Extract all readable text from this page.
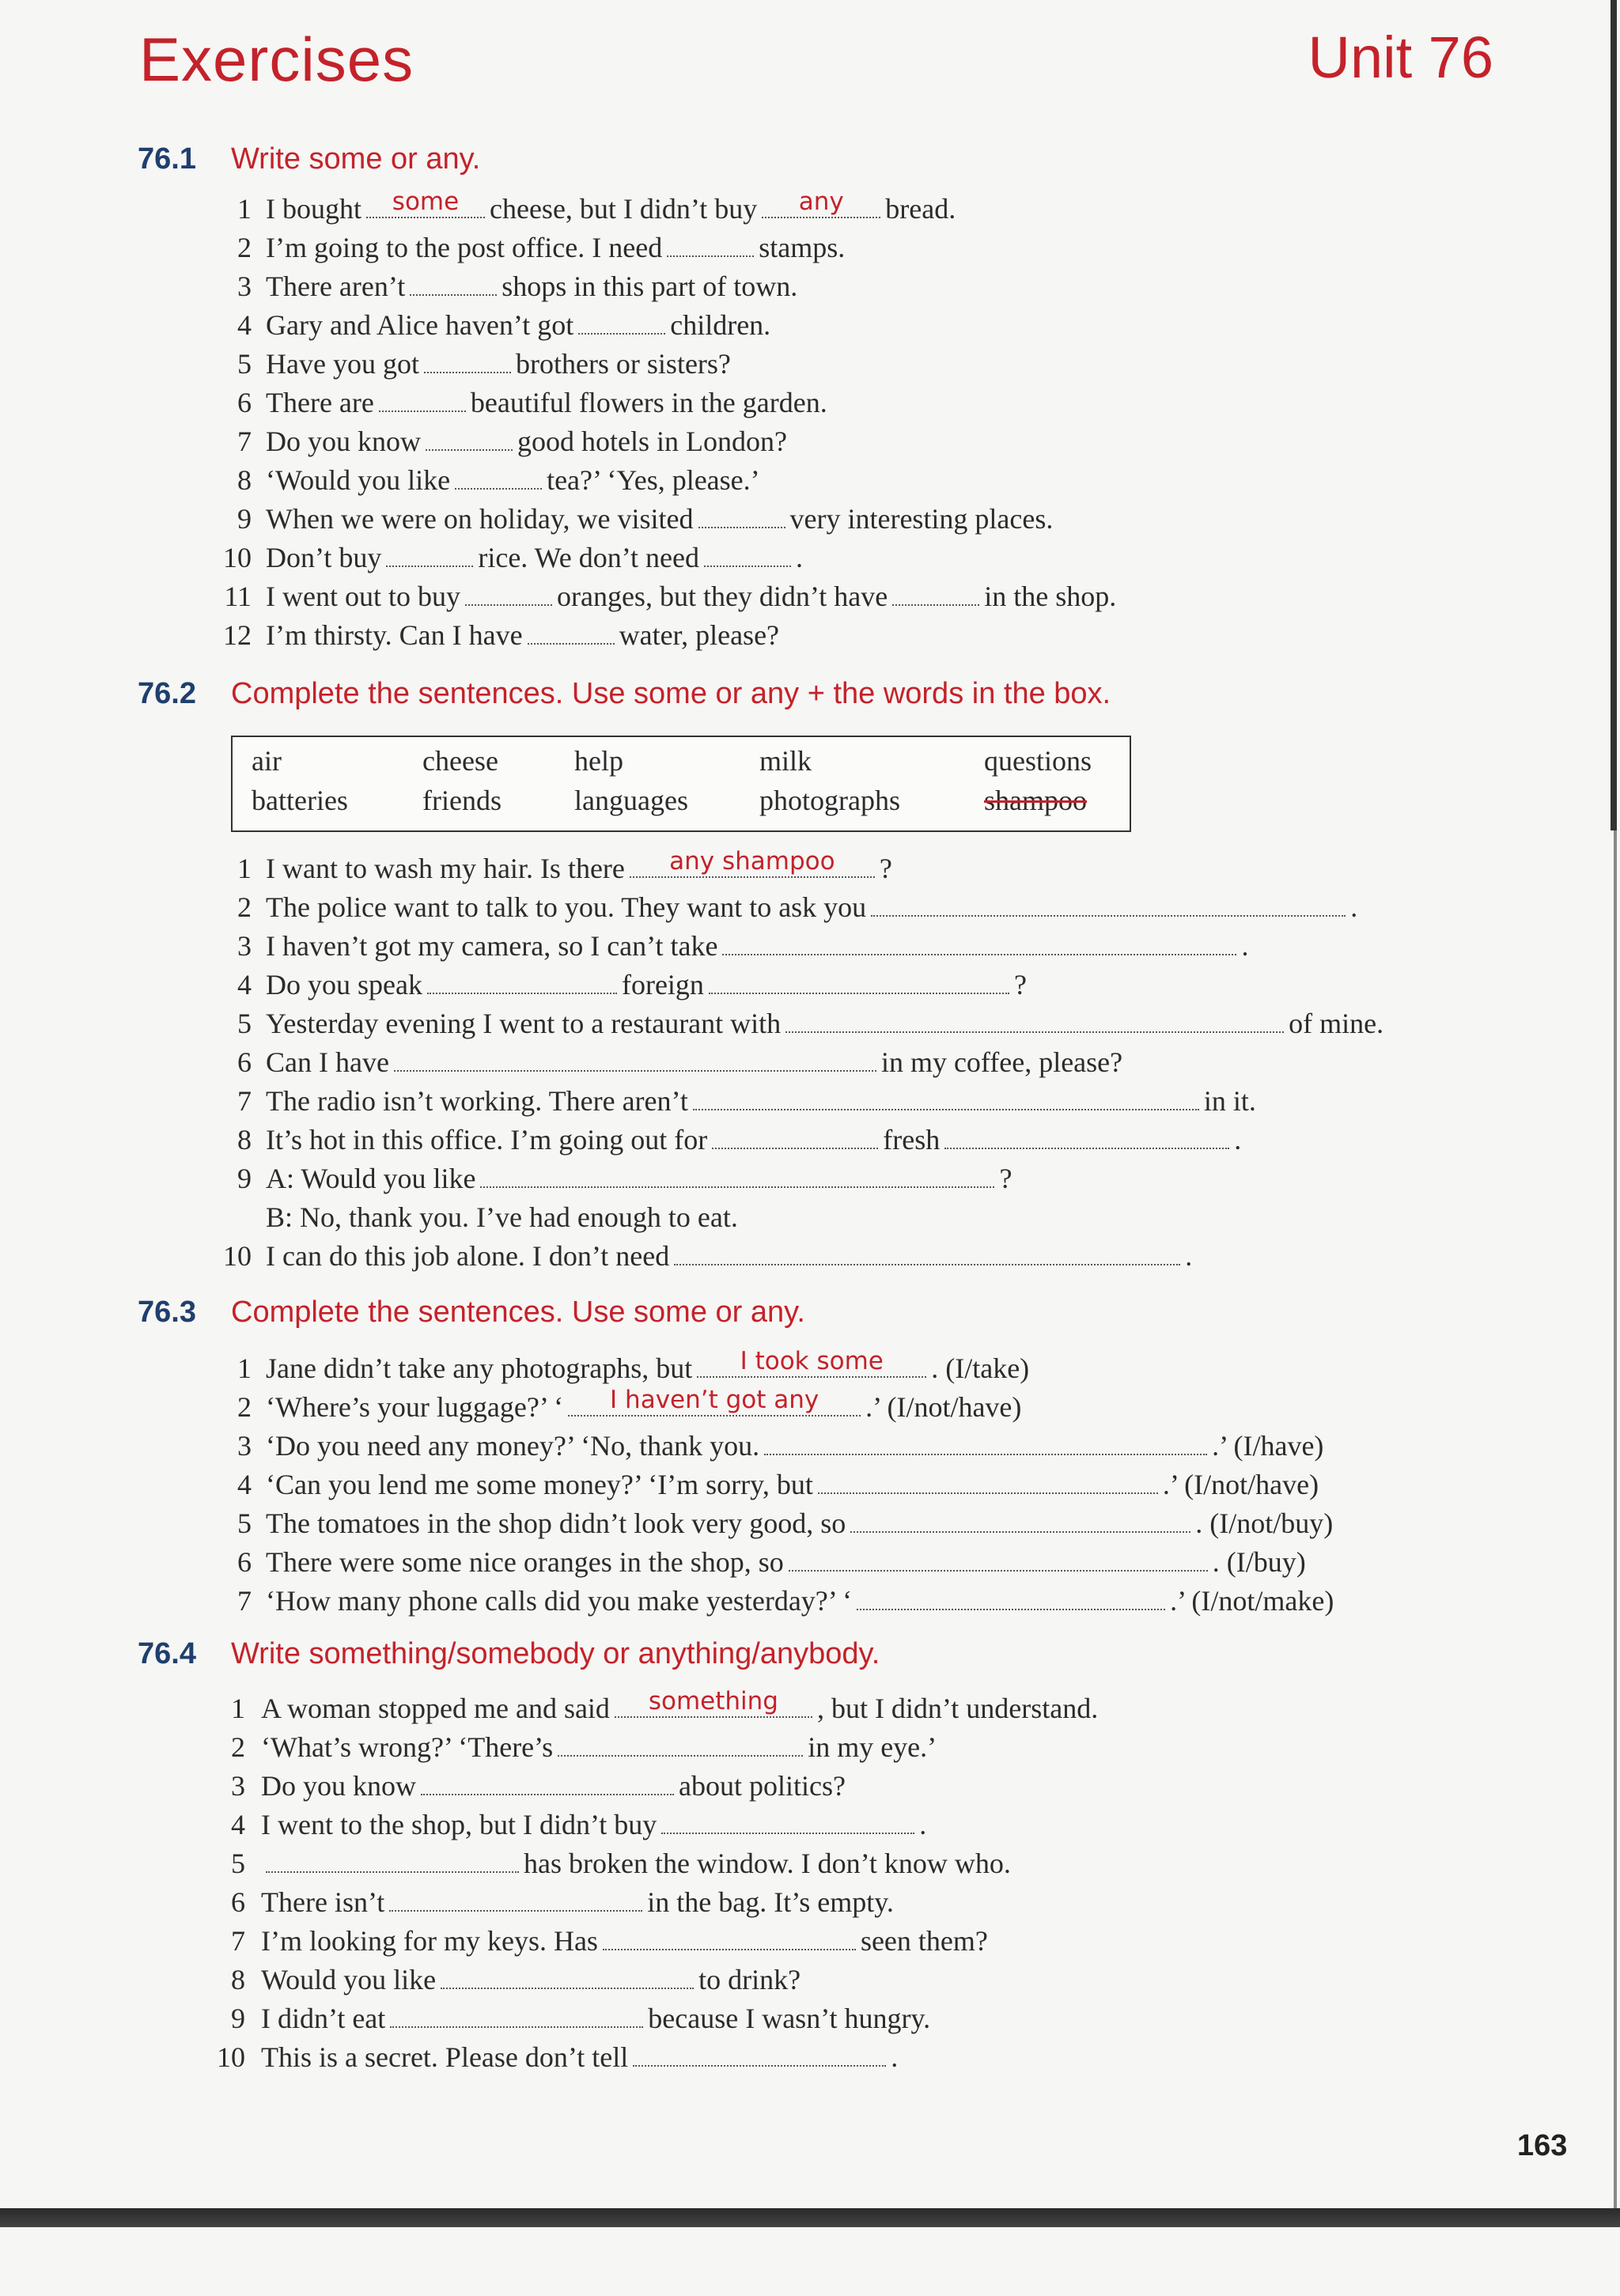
Exercises	Unit 76
76.1 Write some or any.
1 I bought	some	cheese, but I didn’t buy	any	bread.
2 I’m going to the post office. I need	stamps.
3 There aren’t	shops in this part of town.
4 Gary and Alice haven’t got	children.
5 Have you got	brothers or sisters?
6 There are	beautiful flowers in the garden.
7 Do you know	good hotels in London?
8 ‘Would you like	tea?’ ‘Yes, please.’
9 When we were on holiday, we visited	very interesting places.
10 Don’t buy	rice. We don’t need	.
11 I went out to buy	oranges, but they didn’t have	in the shop.
12 I’m thirsty. Can I have	water, please?
76.2 Complete the sentences. Use some or any + the words in the box.
air	cheese	help	milk	questions
batteries	friends	languages	photographs	shampoo
1 I want to wash my hair. Is there	any shampoo	?
2 The police want to talk to you. They want to ask you	.
3 I haven’t got my camera, so I can’t take	.
4 Do you speak	foreign	?
5 Yesterday evening I went to a restaurant with	of mine.
6 Can I have	in my coffee, please?
7 The radio isn’t working. There aren’t	in it.
8 It’s hot in this office. I’m going out for	fresh	.
9 A: Would you like	?
B: No, thank you. I’ve had enough to eat.
10 I can do this job alone. I don’t need	.
76.3 Complete the sentences. Use some or any.
1 Jane didn’t take any photographs, but	I took some	. (I/take)
2 ‘Where’s your luggage?’ ‘	I haven’t got any	.’ (I/not/have)
3 ‘Do you need any money?’ ‘No, thank you.	.’ (I/have)
4 ‘Can you lend me some money?’ ‘I’m sorry, but	.’ (I/not/have)
5 The tomatoes in the shop didn’t look very good, so	. (I/not/buy)
6 There were some nice oranges in the shop, so	. (I/buy)
7 ‘How many phone calls did you make yesterday?’ ‘	.’ (I/not/make)
76.4 Write something/somebody or anything/anybody.
1 A woman stopped me and said	something	, but I didn’t understand.
2 ‘What’s wrong?’ ‘There’s	in my eye.’
3 Do you know	about politics?
4 I went to the shop, but I didn’t buy	.
5	has broken the window. I don’t know who.
6 There isn’t	in the bag. It’s empty.
7 I’m looking for my keys. Has	seen them?
8 Would you like	to drink?
9 I didn’t eat	because I wasn’t hungry.
10 This is a secret. Please don’t tell	.
163
